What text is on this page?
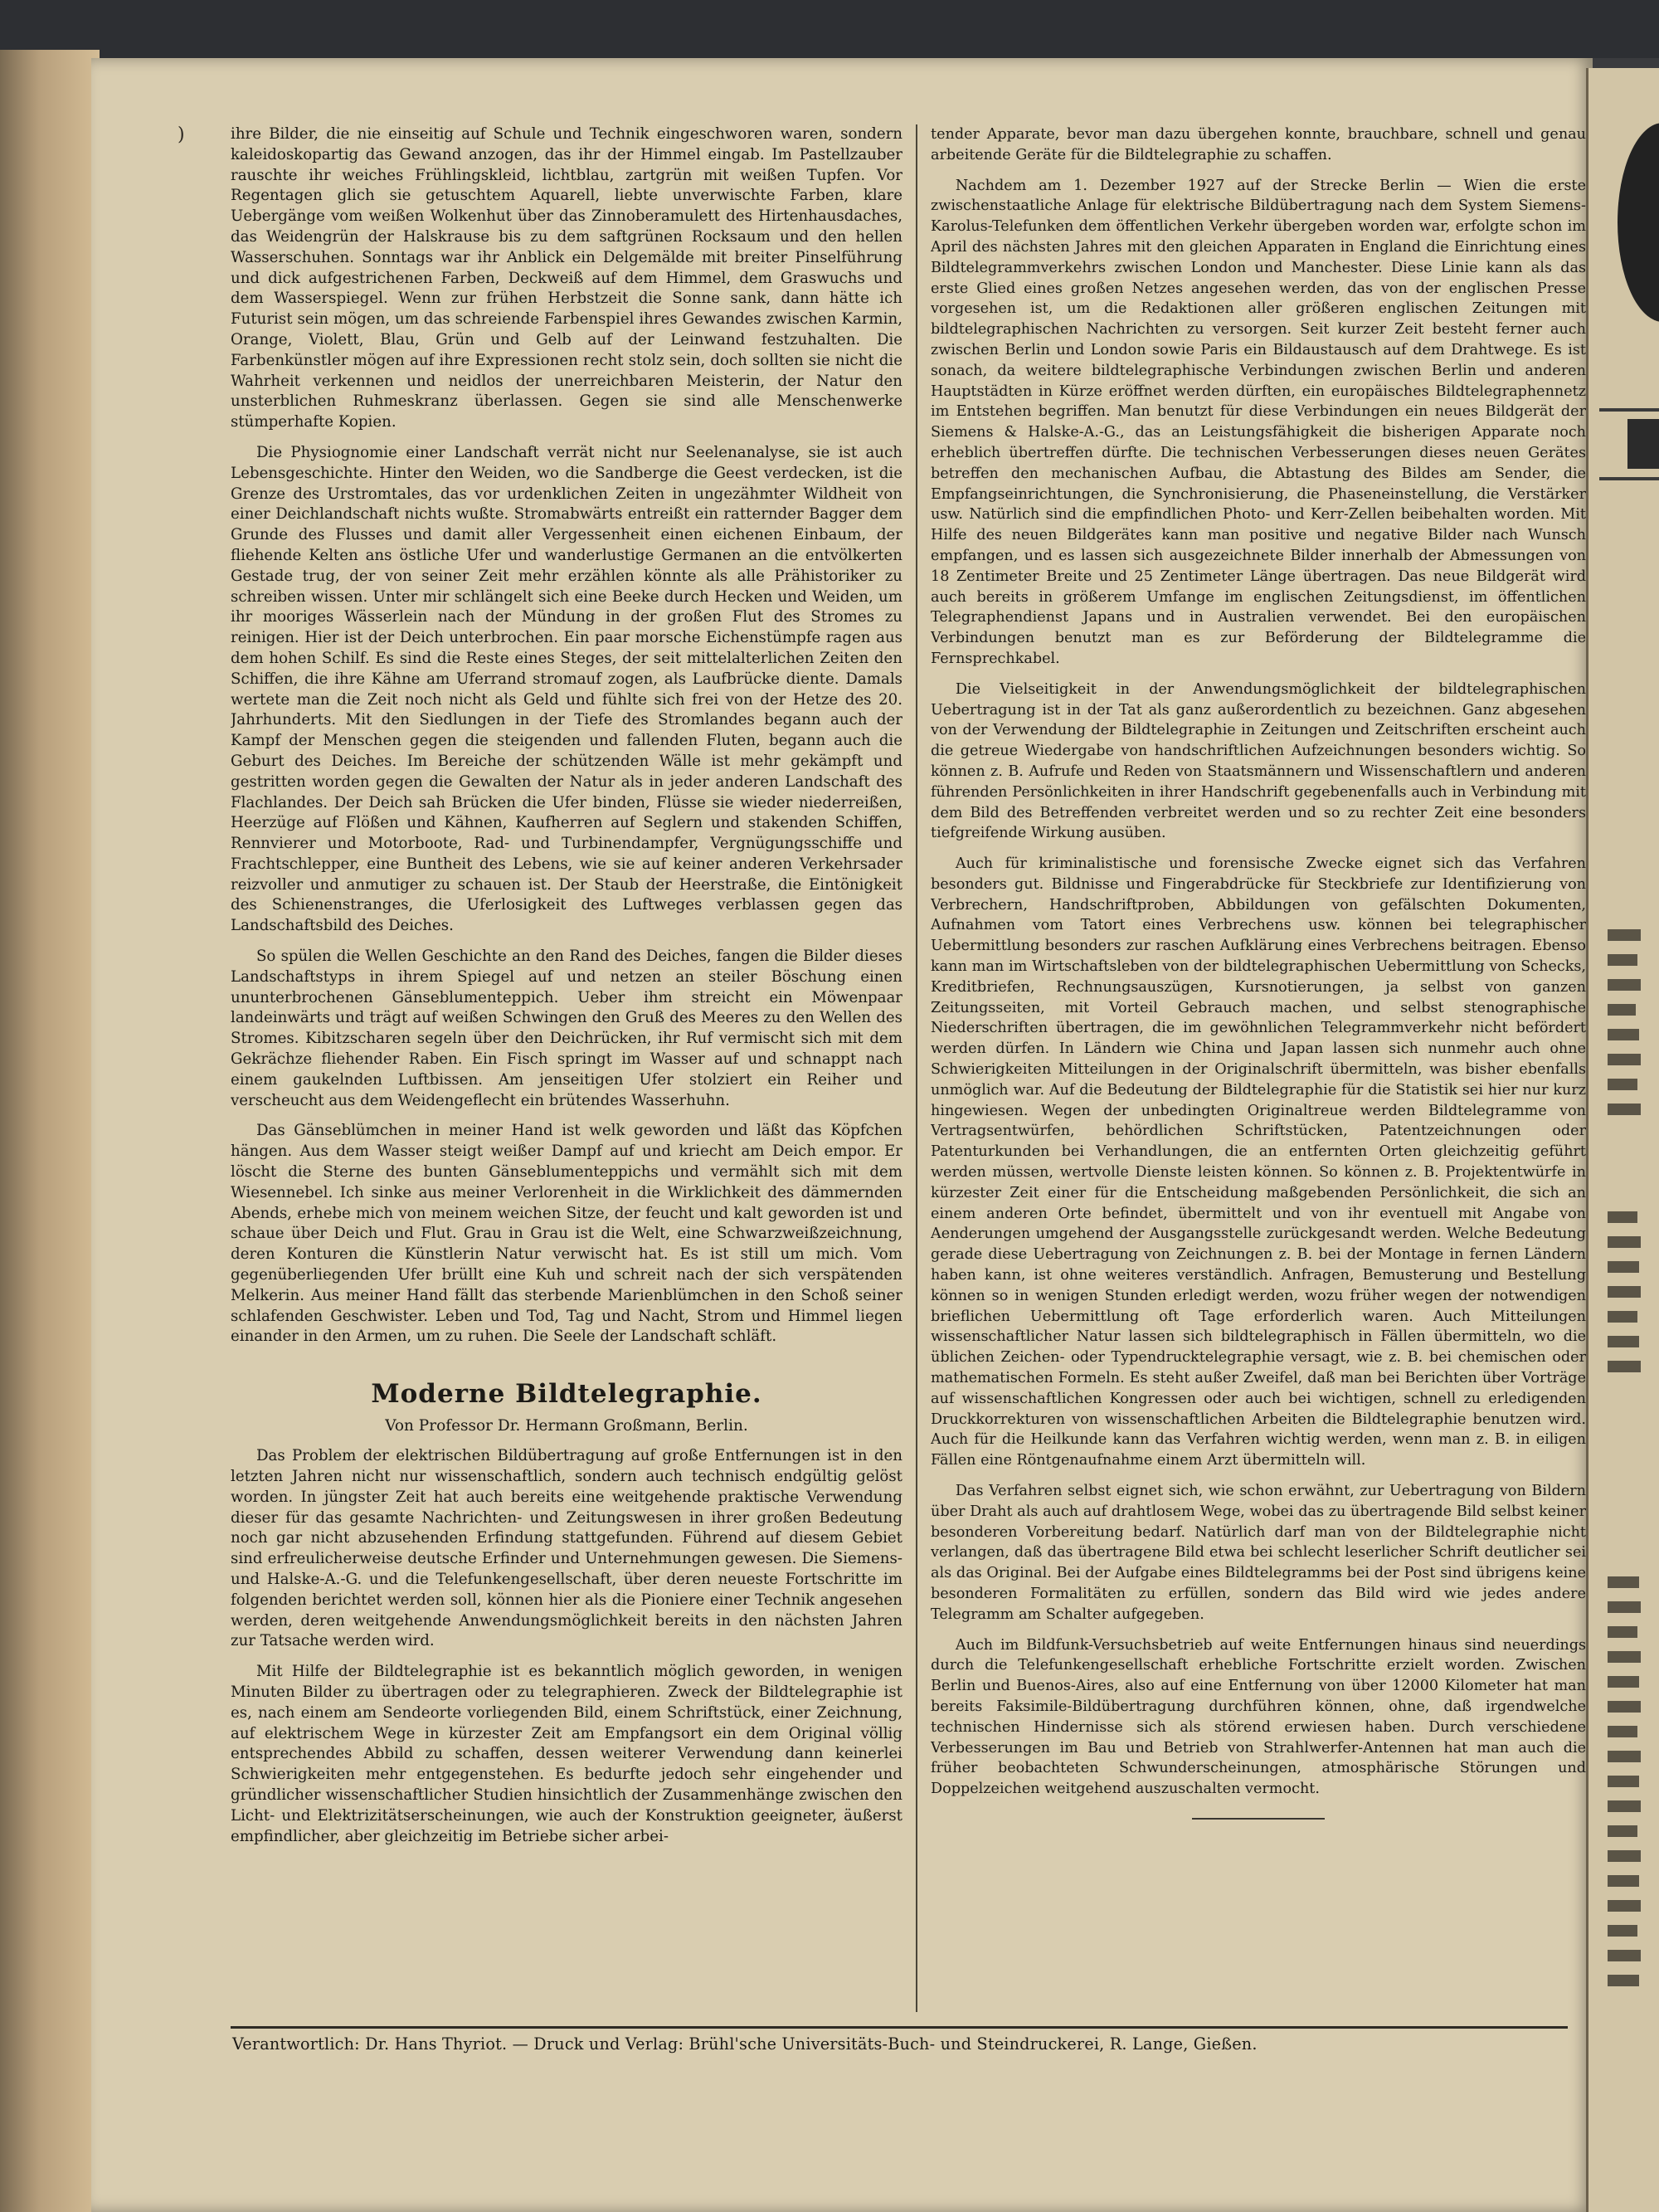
)	ihre Bilder, die nie einseitig auf Schule und Technik eingeschworen waren, sondern kaleidoskopartig das Gewand anzogen, das ihr der Himmel eingab. Im Pastellzauber rauschte ihr weiches Frühlingskleid, lichtblau, zartgrün mit weißen Tupfen. Vor Regentagen glich sie getuschtem Aquarell, liebte unverwischte Farben, klare Uebergänge vom weißen Wolkenhut über das Zinnoberamulett des Hirtenhausdaches, das Weidengrün der Halskrause bis zu dem saftgrünen Rocksaum und den hellen Wasserschuhen. Sonntags war ihr Anblick ein Delgemälde mit breiter Pinselführung und dick aufgestrichenen Farben, Deckweiß auf dem Himmel, dem Graswuchs und dem Wasserspiegel. Wenn zur frühen Herbstzeit die Sonne sank, dann hätte ich Futurist sein mögen, um das schreiende Farbenspiel ihres Gewandes zwischen Karmin, Orange, Violett, Blau, Grün und Gelb auf der Leinwand festzuhalten. Die Farbenkünstler mögen auf ihre Expressionen recht stolz sein, doch sollten sie nicht die Wahrheit verkennen und neidlos der unerreichbaren Meisterin, der Natur den unsterblichen Ruhmeskranz überlassen. Gegen sie sind alle Menschenwerke stümperhafte Kopien.

Die Physiognomie einer Landschaft verrät nicht nur Seelenanalyse, sie ist auch Lebensgeschichte. Hinter den Weiden, wo die Sandberge die Geest verdecken, ist die Grenze des Urstromtales, das vor urdenklichen Zeiten in ungezähmter Wildheit von einer Deichlandschaft nichts wußte. Stromabwärts entreißt ein ratternder Bagger dem Grunde des Flusses und damit aller Vergessenheit einen eichenen Einbaum, der fliehende Kelten ans östliche Ufer und wanderlustige Germanen an die entvölkerten Gestade trug, der von seiner Zeit mehr erzählen könnte als alle Prähistoriker zu schreiben wissen. Unter mir schlängelt sich eine Beeke durch Hecken und Weiden, um ihr mooriges Wässerlein nach der Mündung in der großen Flut des Stromes zu reinigen. Hier ist der Deich unterbrochen. Ein paar morsche Eichenstümpfe ragen aus dem hohen Schilf. Es sind die Reste eines Steges, der seit mittelalterlichen Zeiten den Schiffen, die ihre Kähne am Uferrand stromauf zogen, als Laufbrücke diente. Damals wertete man die Zeit noch nicht als Geld und fühlte sich frei von der Hetze des 20. Jahrhunderts. Mit den Siedlungen in der Tiefe des Stromlandes begann auch der Kampf der Menschen gegen die steigenden und fallenden Fluten, begann auch die Geburt des Deiches. Im Bereiche der schützenden Wälle ist mehr gekämpft und gestritten worden gegen die Gewalten der Natur als in jeder anderen Landschaft des Flachlandes. Der Deich sah Brücken die Ufer binden, Flüsse sie wieder niederreißen, Heerzüge auf Flößen und Kähnen, Kaufherren auf Seglern und stakenden Schiffen, Rennvierer und Motorboote, Rad- und Turbinendampfer, Vergnügungsschiffe und Frachtschlepper, eine Buntheit des Lebens, wie sie auf keiner anderen Verkehrsader reizvoller und anmutiger zu schauen ist. Der Staub der Heerstraße, die Eintönigkeit des Schienenstranges, die Uferlosigkeit des Luftweges verblassen gegen das Landschaftsbild des Deiches.

So spülen die Wellen Geschichte an den Rand des Deiches, fangen die Bilder dieses Landschaftstyps in ihrem Spiegel auf und netzen an steiler Böschung einen ununterbrochenen Gänseblumenteppich. Ueber ihm streicht ein Möwenpaar landeinwärts und trägt auf weißen Schwingen den Gruß des Meeres zu den Wellen des Stromes. Kibitzscharen segeln über den Deichrücken, ihr Ruf vermischt sich mit dem Gekrächze fliehender Raben. Ein Fisch springt im Wasser auf und schnappt nach einem gaukelnden Luftbissen. Am jenseitigen Ufer stolziert ein Reiher und verscheucht aus dem Weidengeflecht ein brütendes Wasserhuhn.

Das Gänseblümchen in meiner Hand ist welk geworden und läßt das Köpfchen hängen. Aus dem Wasser steigt weißer Dampf auf und kriecht am Deich empor. Er löscht die Sterne des bunten Gänseblumenteppichs und vermählt sich mit dem Wiesennebel. Ich sinke aus meiner Verlorenheit in die Wirklichkeit des dämmernden Abends, erhebe mich von meinem weichen Sitze, der feucht und kalt geworden ist und schaue über Deich und Flut. Grau in Grau ist die Welt, eine Schwarzweißzeichnung, deren Konturen die Künstlerin Natur verwischt hat. Es ist still um mich. Vom gegenüberliegenden Ufer brüllt eine Kuh und schreit nach der sich verspätenden Melkerin. Aus meiner Hand fällt das sterbende Marienblümchen in den Schoß seiner schlafenden Geschwister. Leben und Tod, Tag und Nacht, Strom und Himmel liegen einander in den Armen, um zu ruhen. Die Seele der Landschaft schläft.

Moderne Bildtelegraphie.

Von Professor Dr. Hermann Großmann, Berlin.

Das Problem der elektrischen Bildübertragung auf große Entfernungen ist in den letzten Jahren nicht nur wissenschaftlich, sondern auch technisch endgültig gelöst worden. In jüngster Zeit hat auch bereits eine weitgehende praktische Verwendung dieser für das gesamte Nachrichten- und Zeitungswesen in ihrer großen Bedeutung noch gar nicht abzusehenden Erfindung stattgefunden. Führend auf diesem Gebiet sind erfreulicherweise deutsche Erfinder und Unternehmungen gewesen. Die Siemens- und Halske-A.-G. und die Telefunkengesellschaft, über deren neueste Fortschritte im folgenden berichtet werden soll, können hier als die Pioniere einer Technik angesehen werden, deren weitgehende Anwendungsmöglichkeit bereits in den nächsten Jahren zur Tatsache werden wird.

Mit Hilfe der Bildtelegraphie ist es bekanntlich möglich geworden, in wenigen Minuten Bilder zu übertragen oder zu telegraphieren. Zweck der Bildtelegraphie ist es, nach einem am Sendeorte vorliegenden Bild, einem Schriftstück, einer Zeichnung, auf elektrischem Wege in kürzester Zeit am Empfangsort ein dem Original völlig entsprechendes Abbild zu schaffen, dessen weiterer Verwendung dann keinerlei Schwierigkeiten mehr entgegenstehen. Es bedurfte jedoch sehr eingehender und gründlicher wissenschaftlicher Studien hinsichtlich der Zusammenhänge zwischen den Licht- und Elektrizitätserscheinungen, wie auch der Konstruktion geeigneter, äußerst empfindlicher, aber gleichzeitig im Betriebe sicher arbei-

tender Apparate, bevor man dazu übergehen konnte, brauchbare, schnell und genau arbeitende Geräte für die Bildtelegraphie zu schaffen.

Nachdem am 1. Dezember 1927 auf der Strecke Berlin — Wien die erste zwischenstaatliche Anlage für elektrische Bildübertragung nach dem System Siemens-Karolus-Telefunken dem öffentlichen Verkehr übergeben worden war, erfolgte schon im April des nächsten Jahres mit den gleichen Apparaten in England die Einrichtung eines Bildtelegrammverkehrs zwischen London und Manchester. Diese Linie kann als das erste Glied eines großen Netzes angesehen werden, das von der englischen Presse vorgesehen ist, um die Redaktionen aller größeren englischen Zeitungen mit bildtelegraphischen Nachrichten zu versorgen. Seit kurzer Zeit besteht ferner auch zwischen Berlin und London sowie Paris ein Bildaustausch auf dem Drahtwege. Es ist sonach, da weitere bildtelegraphische Verbindungen zwischen Berlin und anderen Hauptstädten in Kürze eröffnet werden dürften, ein europäisches Bildtelegraphennetz im Entstehen begriffen. Man benutzt für diese Verbindungen ein neues Bildgerät der Siemens & Halske-A.-G., das an Leistungsfähigkeit die bisherigen Apparate noch erheblich übertreffen dürfte. Die technischen Verbesserungen dieses neuen Gerätes betreffen den mechanischen Aufbau, die Abtastung des Bildes am Sender, die Empfangseinrichtungen, die Synchronisierung, die Phaseneinstellung, die Verstärker usw. Natürlich sind die empfindlichen Photo- und Kerr-Zellen beibehalten worden. Mit Hilfe des neuen Bildgerätes kann man positive und negative Bilder nach Wunsch empfangen, und es lassen sich ausgezeichnete Bilder innerhalb der Abmessungen von 18 Zentimeter Breite und 25 Zentimeter Länge übertragen. Das neue Bildgerät wird auch bereits in größerem Umfange im englischen Zeitungsdienst, im öffentlichen Telegraphendienst Japans und in Australien verwendet. Bei den europäischen Verbindungen benutzt man es zur Beförderung der Bildtelegramme die Fernsprechkabel.

Die Vielseitigkeit in der Anwendungsmöglichkeit der bildtelegraphischen Uebertragung ist in der Tat als ganz außerordentlich zu bezeichnen. Ganz abgesehen von der Verwendung der Bildtelegraphie in Zeitungen und Zeitschriften erscheint auch die getreue Wiedergabe von handschriftlichen Aufzeichnungen besonders wichtig. So können z. B. Aufrufe und Reden von Staatsmännern und Wissenschaftlern und anderen führenden Persönlichkeiten in ihrer Handschrift gegebenenfalls auch in Verbindung mit dem Bild des Betreffenden verbreitet werden und so zu rechter Zeit eine besonders tiefgreifende Wirkung ausüben.

Auch für kriminalistische und forensische Zwecke eignet sich das Verfahren besonders gut. Bildnisse und Fingerabdrücke für Steckbriefe zur Identifizierung von Verbrechern, Handschriftproben, Abbildungen von gefälschten Dokumenten, Aufnahmen vom Tatort eines Verbrechens usw. können bei telegraphischer Uebermittlung besonders zur raschen Aufklärung eines Verbrechens beitragen. Ebenso kann man im Wirtschaftsleben von der bildtelegraphischen Uebermittlung von Schecks, Kreditbriefen, Rechnungsauszügen, Kursnotierungen, ja selbst von ganzen Zeitungsseiten, mit Vorteil Gebrauch machen, und selbst stenographische Niederschriften übertragen, die im gewöhnlichen Telegrammverkehr nicht befördert werden dürfen. In Ländern wie China und Japan lassen sich nunmehr auch ohne Schwierigkeiten Mitteilungen in der Originalschrift übermitteln, was bisher ebenfalls unmöglich war. Auf die Bedeutung der Bildtelegraphie für die Statistik sei hier nur kurz hingewiesen. Wegen der unbedingten Originaltreue werden Bildtelegramme von Vertragsentwürfen, behördlichen Schriftstücken, Patentzeichnungen oder Patenturkunden bei Verhandlungen, die an entfernten Orten gleichzeitig geführt werden müssen, wertvolle Dienste leisten können. So können z. B. Projektentwürfe in kürzester Zeit einer für die Entscheidung maßgebenden Persönlichkeit, die sich an einem anderen Orte befindet, übermittelt und von ihr eventuell mit Angabe von Aenderungen umgehend der Ausgangsstelle zurückgesandt werden. Welche Bedeutung gerade diese Uebertragung von Zeichnungen z. B. bei der Montage in fernen Ländern haben kann, ist ohne weiteres verständlich. Anfragen, Bemusterung und Bestellung können so in wenigen Stunden erledigt werden, wozu früher wegen der notwendigen brieflichen Uebermittlung oft Tage erforderlich waren. Auch Mitteilungen wissenschaftlicher Natur lassen sich bildtelegraphisch in Fällen übermitteln, wo die üblichen Zeichen- oder Typendrucktelegraphie versagt, wie z. B. bei chemischen oder mathematischen Formeln. Es steht außer Zweifel, daß man bei Berichten über Vorträge auf wissenschaftlichen Kongressen oder auch bei wichtigen, schnell zu erledigenden Druckkorrekturen von wissenschaftlichen Arbeiten die Bildtelegraphie benutzen wird. Auch für die Heilkunde kann das Verfahren wichtig werden, wenn man z. B. in eiligen Fällen eine Röntgenaufnahme einem Arzt übermitteln will.

Das Verfahren selbst eignet sich, wie schon erwähnt, zur Uebertragung von Bildern über Draht als auch auf drahtlosem Wege, wobei das zu übertragende Bild selbst keiner besonderen Vorbereitung bedarf. Natürlich darf man von der Bildtelegraphie nicht verlangen, daß das übertragene Bild etwa bei schlecht leserlicher Schrift deutlicher sei als das Original. Bei der Aufgabe eines Bildtelegramms bei der Post sind übrigens keine besonderen Formalitäten zu erfüllen, sondern das Bild wird wie jedes andere Telegramm am Schalter aufgegeben.

Auch im Bildfunk-Versuchsbetrieb auf weite Entfernungen hinaus sind neuerdings durch die Telefunkengesellschaft erhebliche Fortschritte erzielt worden. Zwischen Berlin und Buenos-Aires, also auf eine Entfernung von über 12000 Kilometer hat man bereits Faksimile-Bildübertragung durchführen können, ohne, daß irgendwelche technischen Hindernisse sich als störend erwiesen haben. Durch verschiedene Verbesserungen im Bau und Betrieb von Strahlwerfer-Antennen hat man auch die früher beobachteten Schwunderscheinungen, atmosphärische Störungen und Doppelzeichen weitgehend auszuschalten vermocht.

Verantwortlich: Dr. Hans Thyriot. — Druck und Verlag: Brühl'sche Universitäts-Buch- und Steindruckerei, R. Lange, Gießen.
